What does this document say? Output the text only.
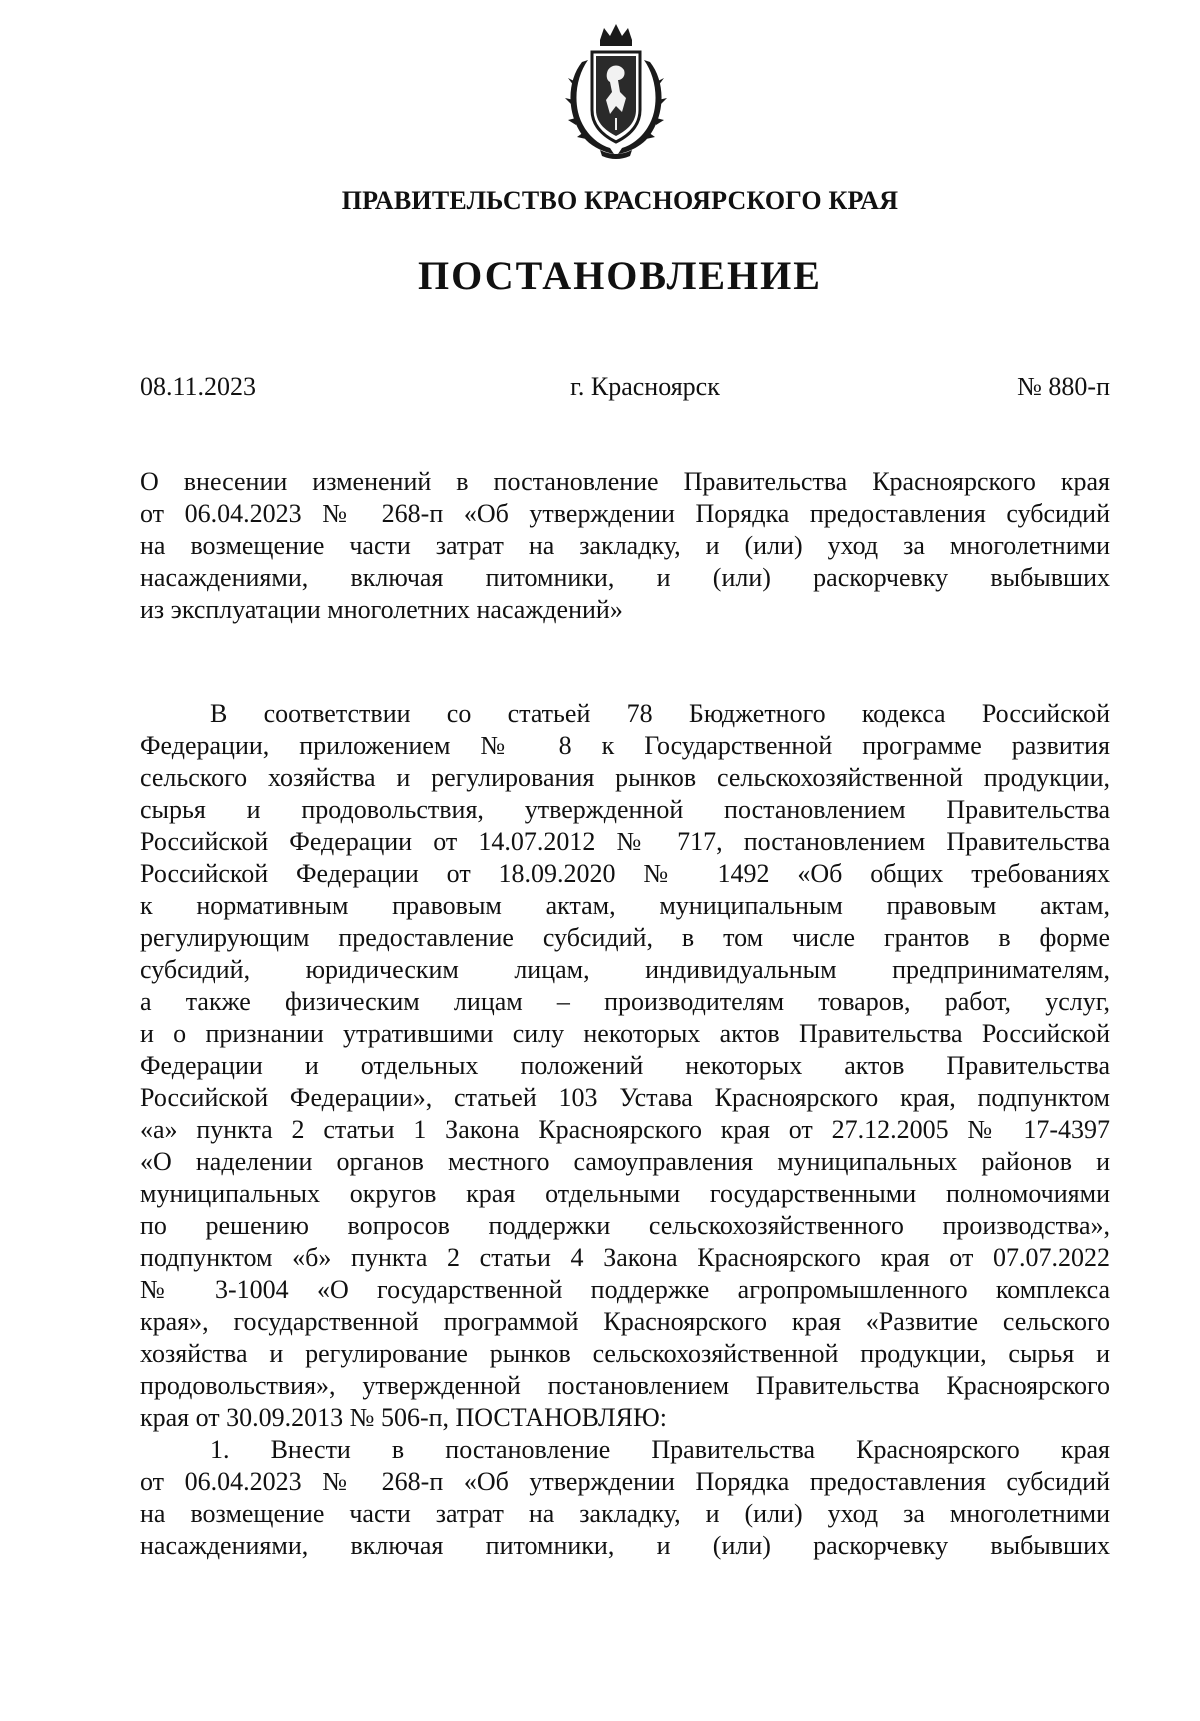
ПРАВИТЕЛЬСТВО КРАСНОЯРСКОГО КРАЯ
ПОСТАНОВЛЕНИЕ
08.11.2023	г. Красноярск	№ 880-п
О внесении изменений в постановление Правительства Красноярского края
от 06.04.2023 № 268-п «Об утверждении Порядка предоставления субсидий
на возмещение части затрат на закладку, и (или) уход за многолетними
насаждениями, включая питомники, и (или) раскорчевку выбывших
из эксплуатации многолетних насаждений»
В соответствии со статьей 78 Бюджетного кодекса Российской
Федерации, приложением № 8 к Государственной программе развития
сельского хозяйства и регулирования рынков сельскохозяйственной продукции,
сырья и продовольствия, утвержденной постановлением Правительства
Российской Федерации от 14.07.2012 № 717, постановлением Правительства
Российской Федерации от 18.09.2020 № 1492 «Об общих требованиях
к нормативным правовым актам, муниципальным правовым актам,
регулирующим предоставление субсидий, в том числе грантов в форме
субсидий, юридическим лицам, индивидуальным предпринимателям,
а также физическим лицам – производителям товаров, работ, услуг,
и о признании утратившими силу некоторых актов Правительства Российской
Федерации и отдельных положений некоторых актов Правительства
Российской Федерации», статьей 103 Устава Красноярского края, подпунктом
«а» пункта 2 статьи 1 Закона Красноярского края от 27.12.2005 № 17-4397
«О наделении органов местного самоуправления муниципальных районов и
муниципальных округов края отдельными государственными полномочиями
по решению вопросов поддержки сельскохозяйственного производства»,
подпунктом «б» пункта 2 статьи 4 Закона Красноярского края от 07.07.2022
№ 3-1004 «О государственной поддержке агропромышленного комплекса
края», государственной программой Красноярского края «Развитие сельского
хозяйства и регулирование рынков сельскохозяйственной продукции, сырья и
продовольствия», утвержденной постановлением Правительства Красноярского
края от 30.09.2013 № 506-п, ПОСТАНОВЛЯЮ:
1. Внести в постановление Правительства Красноярского края
от 06.04.2023 № 268-п «Об утверждении Порядка предоставления субсидий
на возмещение части затрат на закладку, и (или) уход за многолетними
насаждениями, включая питомники, и (или) раскорчевку выбывших
